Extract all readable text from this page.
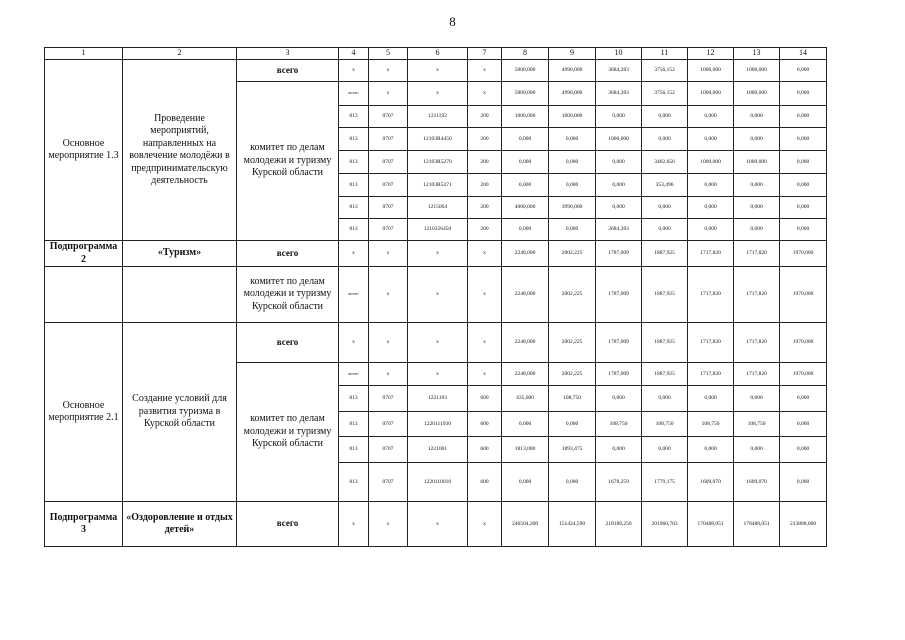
8
1	2	3	4	5	6	7	8	9	10	11	12	13	14
Основное мероприятие 1.3	Проведение мероприятий, направленных на вовлечение молодёжи в предпринимательскую деятельность	всего	х	х	х	х	5000,000	4990,000	3684,283	3756,152	1000,000	1000,000	0,000
		комитет по делам молодежи и туризму Курской области	всего	х	х	х	5000,000	4990,000	3684,283	3756,152	1000,000	1000,000	0,000
			813	0707	1211192	200	1000,000	1000,000	0,000	0,000	0,000	0,000	0,000
			813	0707	12103R4450	200	0,000	0,000	1000,000	0,000	0,000	0,000	0,000
			813	0707	12103R5270	200	0,000	0,000	0,000	3402,656	1000,000	1000,000	0,000
			813	0707	12103R5271	200	0,000	0,000	0,000	353,496	0,000	0,000	0,000
			813	0707	1215064	200	4000,000	3990,000	0,000	0,000	0,000	0,000	0,000
			813	0707	1210356450	200	0,000	0,000	2684,283	0,000	0,000	0,000	0,000
Подпрограмма 2	«Туризм»	всего	х	х	х	х	2248,000	2002,225	1787,009	1887,925	1717,820	1717,820	1970,000
		комитет по делам молодежи и туризму Курской области	всего	х	х	х	2248,000	2002,225	1787,009	1887,925	1717,820	1717,820	1970,000
Основное мероприятие 2.1	Создание условий для развития туризма в Курской области	всего	х	х	х	х	2248,000	2002,225	1787,009	1887,925	1717,820	1717,820	1970,000
		комитет по делам молодежи и туризму Курской области	всего	х	х	х	2248,000	2002,225	1787,009	1887,925	1717,820	1717,820	1970,000
			813	0707	1221193	600	435,000	108,750	0,000	0,000	0,000	0,000	0,000
			813	0707	1220111930	600	0,000	0,000	108,750	108,750	108,750	108,750	0,000
			813	0707	1221001	600	1813,000	1893,475	0,000	0,000	0,000	0,000	0,000
			813	0707	1220110010	600	0,000	0,000	1678,259	1779,175	1609,070	1609,070	0,000
Подпрограмма 3	«Оздоровление и отдых детей»	всего	х	х	х	х	246504,200	151424,590	218188,250	201960,783	170488,051	170488,051	213888,000
